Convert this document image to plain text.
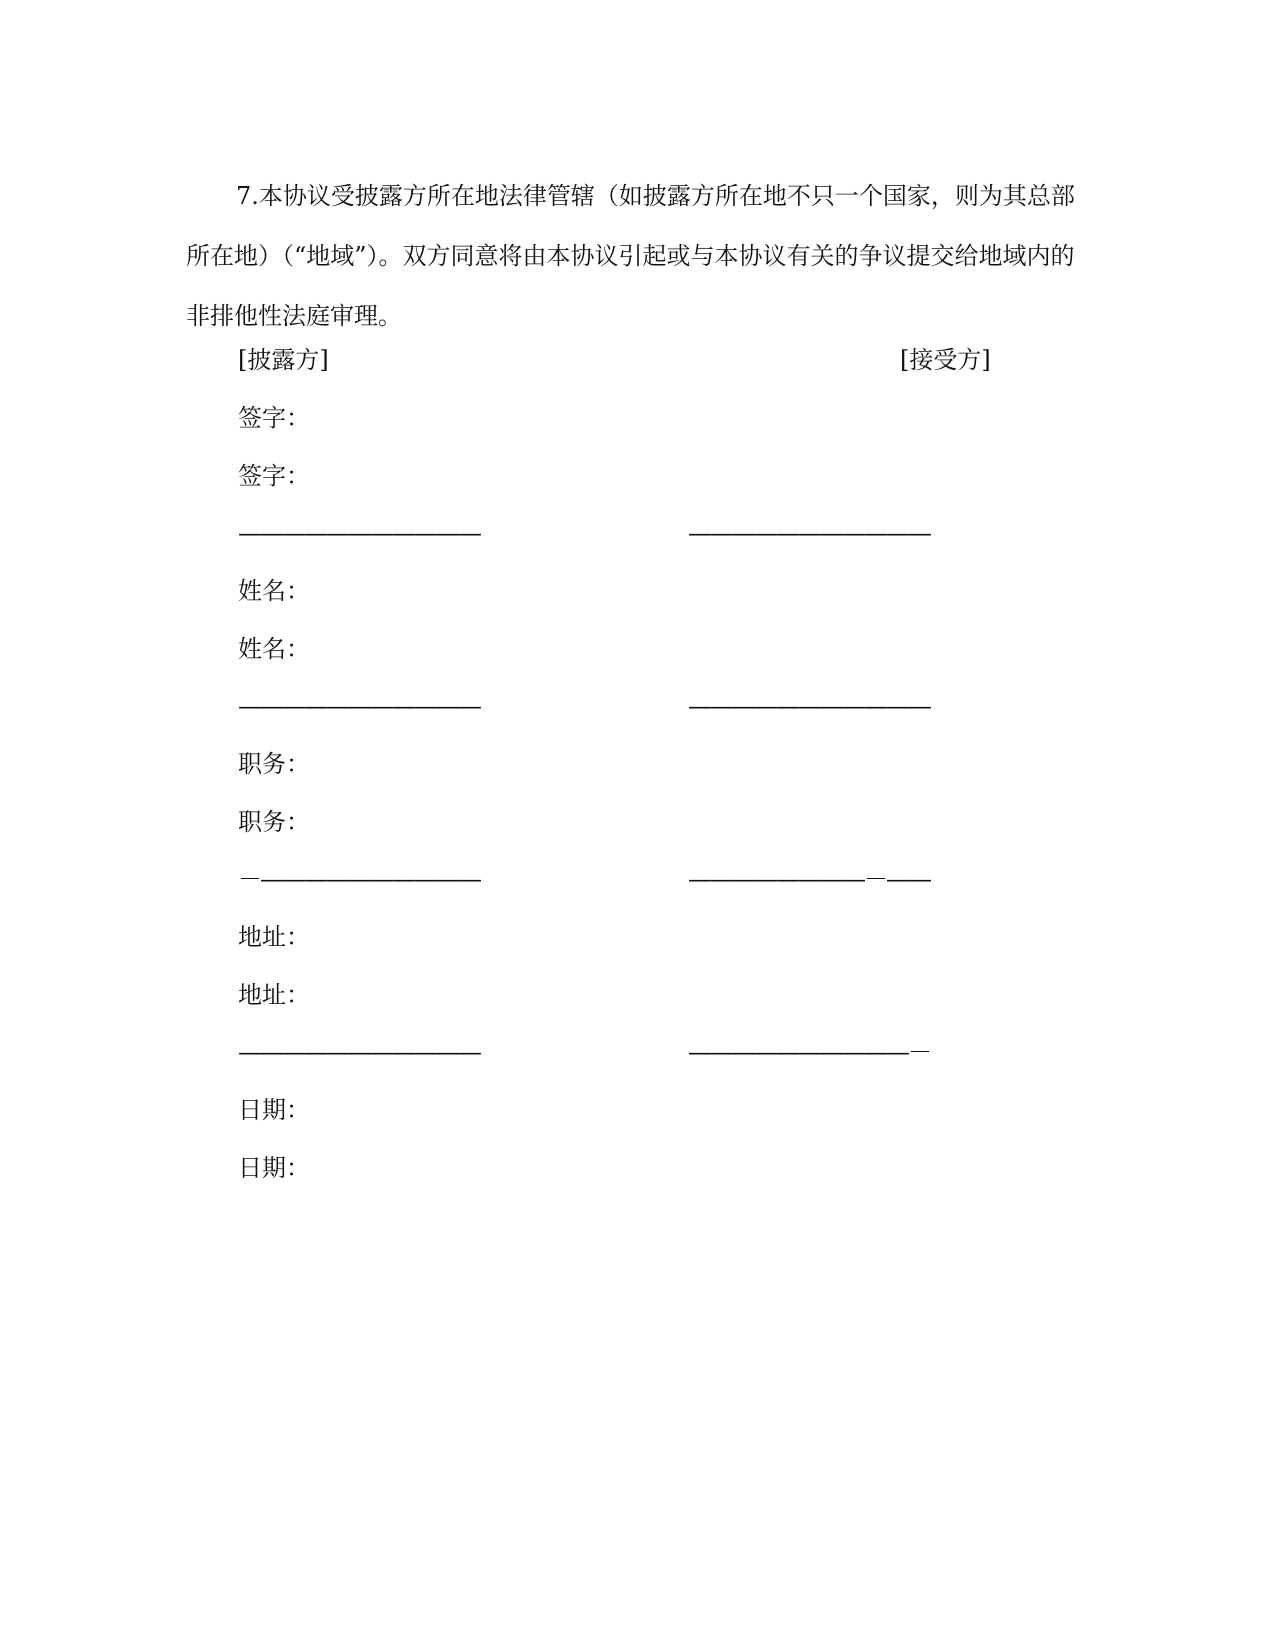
7.本协议受披露方所在地法律管辖（如披露方所在地不只一个国家，则为其总部所在地）（“地域”）。双方同意将由本协议引起或与本协议有关的争议提交给地域内的非排他性法庭审理。

[披露方]	[接受方]
签字：
签字：
———————————	———————————
姓名：
姓名：
———————————	———————————
职务：
职务：
－——————————	————————－——
地址：
地址：
———————————	——————————－
日期：
日期：
